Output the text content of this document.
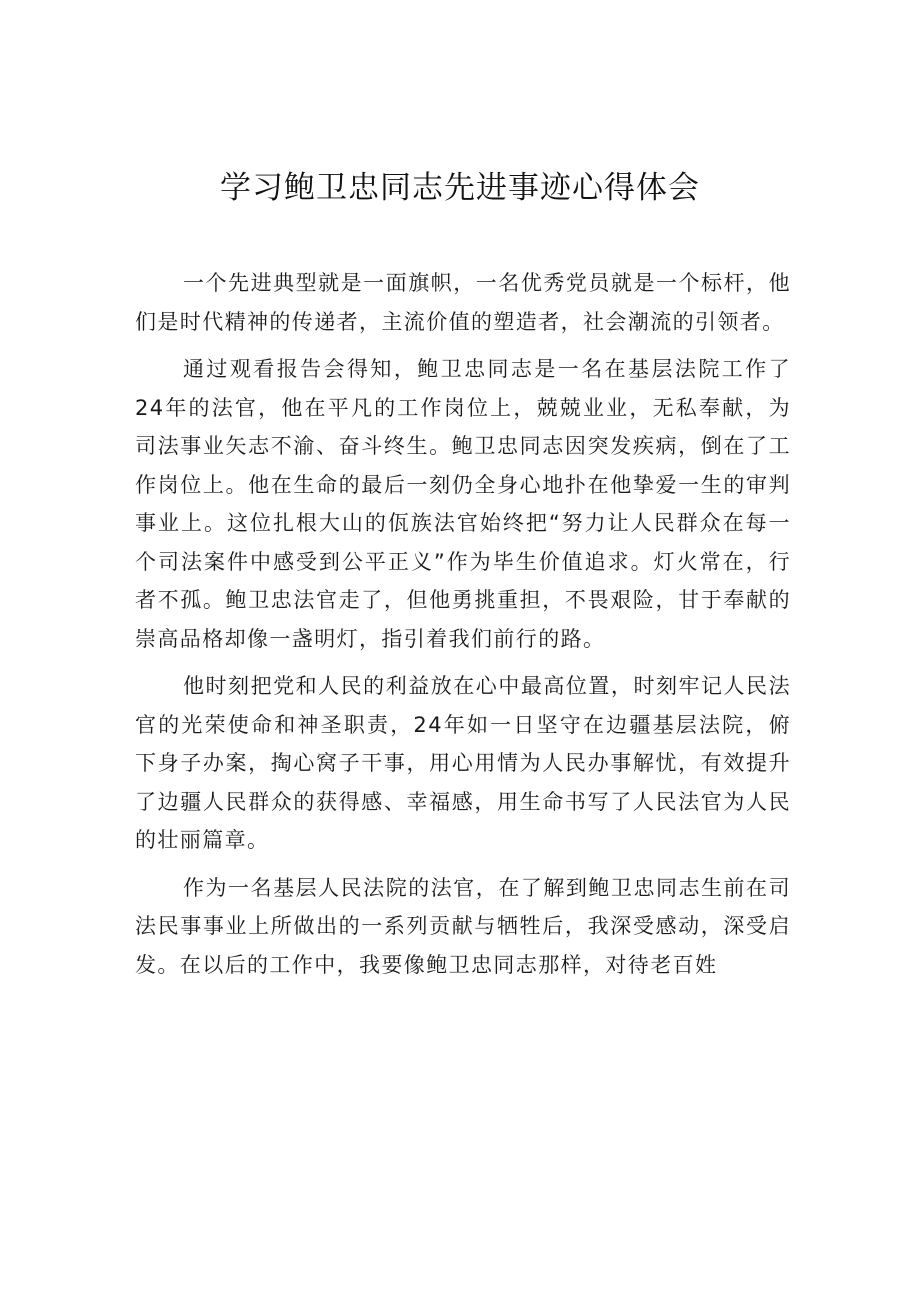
学习鲍卫忠同志先进事迹心得体会

一个先进典型就是一面旗帜，一名优秀党员就是一个标杆，他们是时代精神的传递者，主流价值的塑造者，社会潮流的引领者。

通过观看报告会得知，鲍卫忠同志是一名在基层法院工作了24年的法官，他在平凡的工作岗位上，兢兢业业，无私奉献，为司法事业矢志不渝、奋斗终生。鲍卫忠同志因突发疾病，倒在了工作岗位上。他在生命的最后一刻仍全身心地扑在他挚爱一生的审判事业上。这位扎根大山的佤族法官始终把“努力让人民群众在每一个司法案件中感受到公平正义”作为毕生价值追求。灯火常在，行者不孤。鲍卫忠法官走了，但他勇挑重担，不畏艰险，甘于奉献的崇高品格却像一盏明灯，指引着我们前行的路。

他时刻把党和人民的利益放在心中最高位置，时刻牢记人民法官的光荣使命和神圣职责，24年如一日坚守在边疆基层法院，俯下身子办案，掏心窝子干事，用心用情为人民办事解忧，有效提升了边疆人民群众的获得感、幸福感，用生命书写了人民法官为人民的壮丽篇章。

作为一名基层人民法院的法官，在了解到鲍卫忠同志生前在司法民事事业上所做出的一系列贡献与牺牲后，我深受感动，深受启发。在以后的工作中，我要像鲍卫忠同志那样，对待老百姓
